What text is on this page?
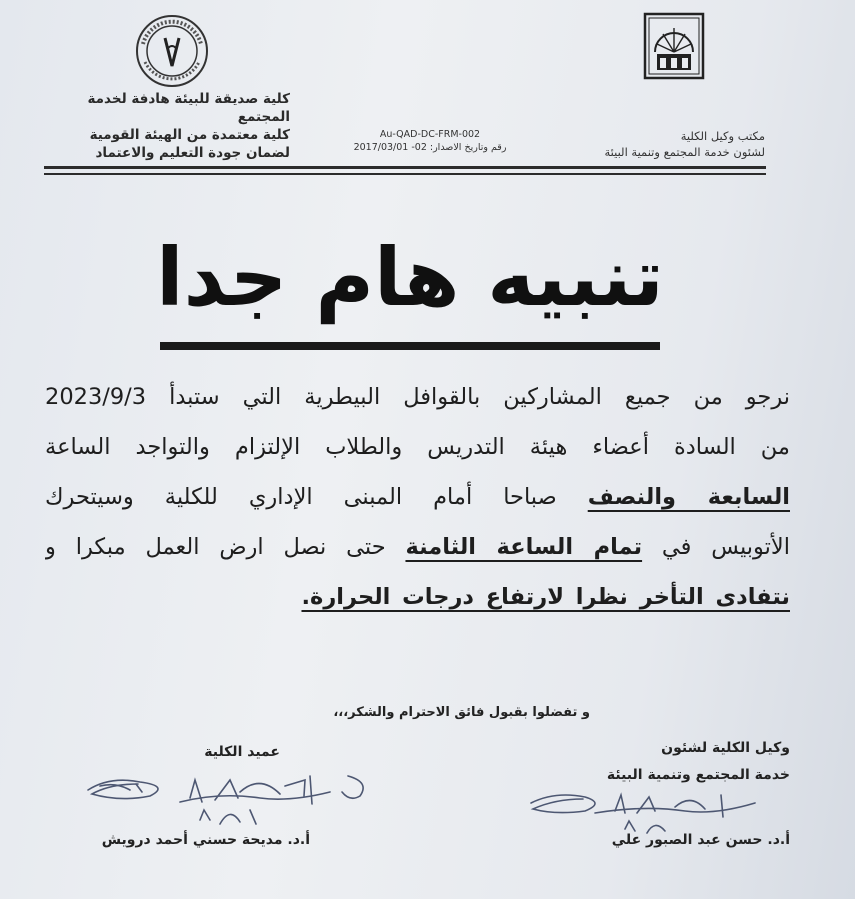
كلية صديقة للبيئة هادفة لخدمة المجتمع
كلية معتمدة من الهيئة القومية
لضمان جودة التعليم والاعتماد
Au-QAD-DC-FRM-002
رقم وتاريخ الاصدار: 02- 2017/03/01
مكتب وكيل الكلية
لشئون خدمة المجتمع وتنمية البيئة
تنبيه هام جدا
نرجو من جميع المشاركين بالقوافل البيطرية التي ستبدأ 2023/9/3
من السادة أعضاء هيئة التدريس والطلاب الإلتزام والتواجد الساعة
السابعة والنصف صباحا أمام المبنى الإداري للكلية وسيتحرك
الأتوبيس في تمام الساعة الثامنة حتى نصل ارض العمل مبكرا و
نتفادى التأخر نظرا لارتفاع درجات الحرارة.
و تفضلوا بقبول فائق الاحترام والشكر،،،
عميد الكلية
أ.د. مديحة حسني أحمد درويش
وكيل الكلية لشئون
خدمة المجتمع وتنمية البيئة
أ.د. حسن عبد الصبور علي
